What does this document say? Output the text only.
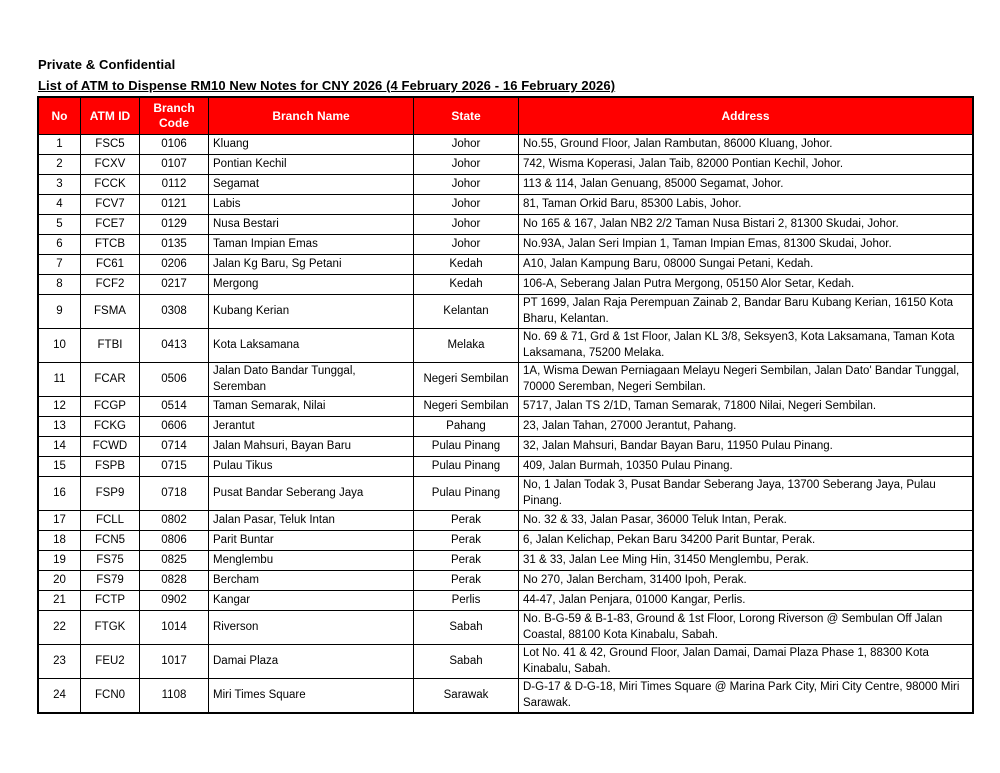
Private & Confidential

List of ATM to Dispense RM10 New Notes for CNY 2026 (4 February 2026 - 16 February 2026)

No	ATM ID	Branch Code	Branch Name	State	Address
1	FSC5	0106	Kluang	Johor	No.55, Ground Floor, Jalan Rambutan, 86000 Kluang, Johor.
2	FCXV	0107	Pontian Kechil	Johor	742, Wisma Koperasi, Jalan Taib, 82000 Pontian Kechil, Johor.
3	FCCK	0112	Segamat	Johor	113 & 114, Jalan Genuang, 85000 Segamat, Johor.
4	FCV7	0121	Labis	Johor	81, Taman Orkid Baru, 85300 Labis, Johor.
5	FCE7	0129	Nusa Bestari	Johor	No 165 & 167, Jalan NB2 2/2 Taman Nusa Bistari 2, 81300 Skudai, Johor.
6	FTCB	0135	Taman Impian Emas	Johor	No.93A, Jalan Seri Impian 1, Taman Impian Emas, 81300 Skudai, Johor.
7	FC61	0206	Jalan Kg Baru, Sg Petani	Kedah	A10, Jalan Kampung Baru, 08000 Sungai Petani, Kedah.
8	FCF2	0217	Mergong	Kedah	106-A, Seberang Jalan Putra Mergong, 05150 Alor Setar, Kedah.
9	FSMA	0308	Kubang Kerian	Kelantan	PT 1699, Jalan Raja Perempuan Zainab 2, Bandar Baru Kubang Kerian, 16150 Kota Bharu, Kelantan.
10	FTBI	0413	Kota Laksamana	Melaka	No. 69 & 71, Grd & 1st Floor, Jalan KL 3/8, Seksyen3, Kota Laksamana, Taman Kota Laksamana, 75200 Melaka.
11	FCAR	0506	Jalan Dato Bandar Tunggal, Seremban	Negeri Sembilan	1A, Wisma Dewan Perniagaan Melayu Negeri Sembilan, Jalan Dato' Bandar Tunggal, 70000 Seremban, Negeri Sembilan.
12	FCGP	0514	Taman Semarak, Nilai	Negeri Sembilan	5717, Jalan TS 2/1D, Taman Semarak, 71800 Nilai, Negeri Sembilan.
13	FCKG	0606	Jerantut	Pahang	23, Jalan Tahan, 27000 Jerantut, Pahang.
14	FCWD	0714	Jalan Mahsuri, Bayan Baru	Pulau Pinang	32, Jalan Mahsuri, Bandar Bayan Baru, 11950 Pulau Pinang.
15	FSPB	0715	Pulau Tikus	Pulau Pinang	409, Jalan Burmah, 10350 Pulau Pinang.
16	FSP9	0718	Pusat Bandar Seberang Jaya	Pulau Pinang	No, 1 Jalan Todak 3, Pusat Bandar Seberang Jaya, 13700 Seberang Jaya, Pulau Pinang.
17	FCLL	0802	Jalan Pasar, Teluk Intan	Perak	No. 32 & 33, Jalan Pasar, 36000 Teluk Intan, Perak.
18	FCN5	0806	Parit Buntar	Perak	6, Jalan Kelichap, Pekan Baru 34200 Parit Buntar, Perak.
19	FS75	0825	Menglembu	Perak	31 & 33, Jalan Lee Ming Hin, 31450 Menglembu, Perak.
20	FS79	0828	Bercham	Perak	No 270, Jalan Bercham, 31400 Ipoh, Perak.
21	FCTP	0902	Kangar	Perlis	44-47, Jalan Penjara, 01000 Kangar, Perlis.
22	FTGK	1014	Riverson	Sabah	No. B-G-59 & B-1-83, Ground & 1st Floor, Lorong Riverson @ Sembulan Off Jalan Coastal, 88100 Kota Kinabalu, Sabah.
23	FEU2	1017	Damai Plaza	Sabah	Lot No. 41 & 42, Ground Floor, Jalan Damai, Damai Plaza Phase 1, 88300 Kota Kinabalu, Sabah.
24	FCN0	1108	Miri Times Square	Sarawak	D-G-17 & D-G-18, Miri Times Square @ Marina Park City, Miri City Centre, 98000 Miri Sarawak.
